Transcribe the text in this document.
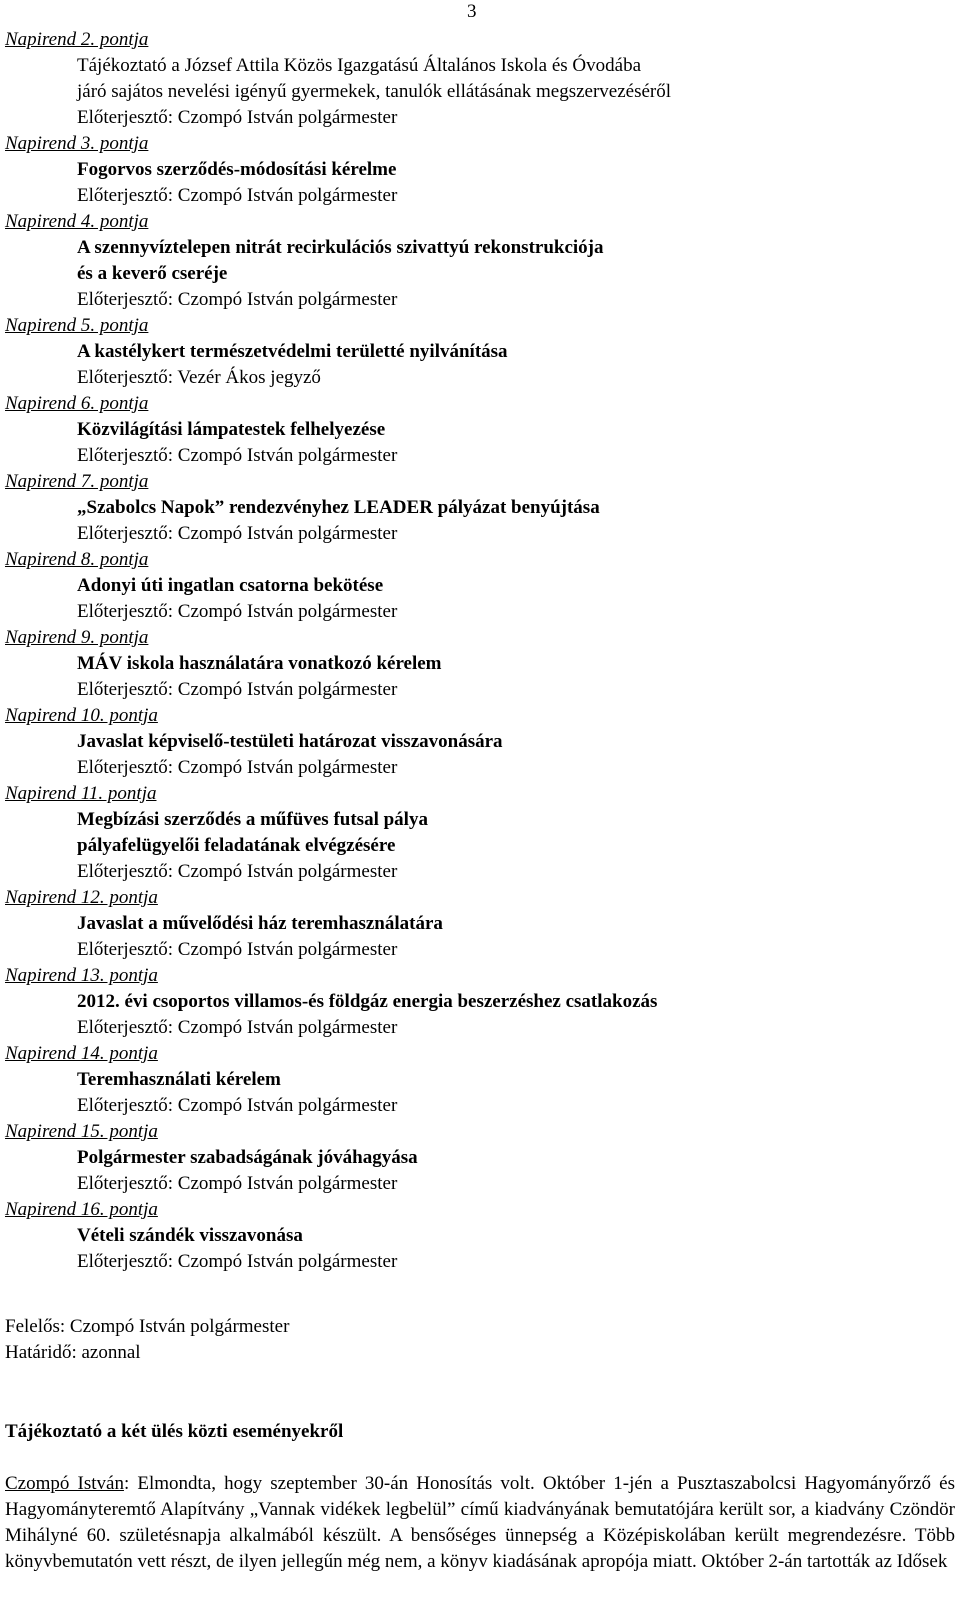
3
Napirend 2. pontja
Tájékoztató a József Attila Közös Igazgatású Általános Iskola és Óvodába
járó sajátos nevelési igényű gyermekek, tanulók ellátásának megszervezéséről
Előterjesztő: Czompó István polgármester
Napirend 3. pontja
Fogorvos szerződés-módosítási kérelme
Előterjesztő: Czompó István polgármester
Napirend 4. pontja
A szennyvíztelepen nitrát recirkulációs szivattyú rekonstrukciója
és a keverő cseréje
Előterjesztő: Czompó István polgármester
Napirend 5. pontja
A kastélykert természetvédelmi területté nyilvánítása
Előterjesztő: Vezér Ákos jegyző
Napirend 6. pontja
Közvilágítási lámpatestek felhelyezése
Előterjesztő: Czompó István polgármester
Napirend 7. pontja
„Szabolcs Napok” rendezvényhez LEADER pályázat benyújtása
Előterjesztő: Czompó István polgármester
Napirend 8. pontja
Adonyi úti ingatlan csatorna bekötése
Előterjesztő: Czompó István polgármester
Napirend 9. pontja
MÁV iskola használatára vonatkozó kérelem
Előterjesztő: Czompó István polgármester
Napirend 10. pontja
Javaslat képviselő-testületi határozat visszavonására
Előterjesztő: Czompó István polgármester
Napirend 11. pontja
Megbízási szerződés a műfüves futsal pálya
pályafelügyelői feladatának elvégzésére
Előterjesztő: Czompó István polgármester
Napirend 12. pontja
Javaslat a művelődési ház teremhasználatára
Előterjesztő: Czompó István polgármester
Napirend 13. pontja
2012. évi csoportos villamos-és földgáz energia beszerzéshez csatlakozás
Előterjesztő: Czompó István polgármester
Napirend 14. pontja
Teremhasználati kérelem
Előterjesztő: Czompó István polgármester
Napirend 15. pontja
Polgármester szabadságának jóváhagyása
Előterjesztő: Czompó István polgármester
Napirend 16. pontja
Vételi szándék visszavonása
Előterjesztő: Czompó István polgármester
Felelős: Czompó István polgármester
Határidő: azonnal
Tájékoztató a két ülés közti eseményekről
Czompó István: Elmondta, hogy szeptember 30-án Honosítás volt. Október 1-jén a Pusztaszabolcsi Hagyományőrző és Hagyományteremtő Alapítvány „Vannak vidékek legbelül” című kiadványának bemutatójára került sor, a kiadvány Czöndör Mihályné 60. születésnapja alkalmából készült. A bensőséges ünnepség a Középiskolában került megrendezésre. Több könyvbemutatón vett részt, de ilyen jellegűn még nem, a könyv kiadásának apropója miatt. Október 2-án tartották az Idősek
